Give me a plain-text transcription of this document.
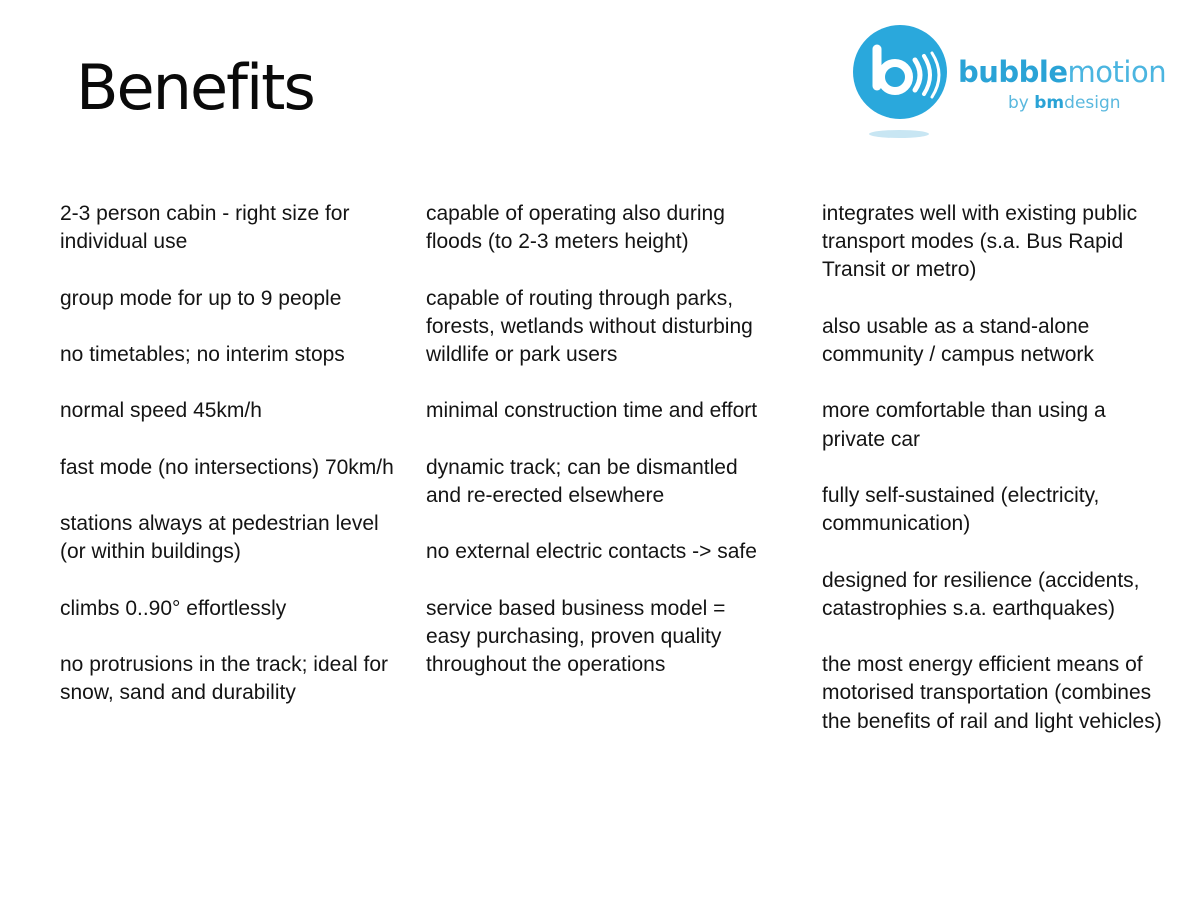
Benefits	bubblemotion
by bmdesign

2-3 person cabin - right size for individual use

group mode for up to 9 people

no timetables; no interim stops

normal speed 45km/h

fast mode (no intersections) 70km/h

stations always at pedestrian level (or within buildings)

climbs 0..90° effortlessly

no protrusions in the track; ideal for snow, sand and durability

capable of operating also during floods (to 2-3 meters height)

capable of routing through parks, forests, wetlands without disturbing wildlife or park users

minimal construction time and effort

dynamic track; can be dismantled and re-erected elsewhere

no external electric contacts -> safe

service based business model = easy purchasing, proven quality throughout the operations

integrates well with existing public transport modes (s.a. Bus Rapid Transit or metro)

also usable as a stand-alone community / campus network

more comfortable than using a private car

fully self-sustained (electricity, communication)

designed for resilience (accidents, catastrophies s.a. earthquakes)

the most energy efficient means of motorised transportation (combines the benefits of rail and light vehicles)
